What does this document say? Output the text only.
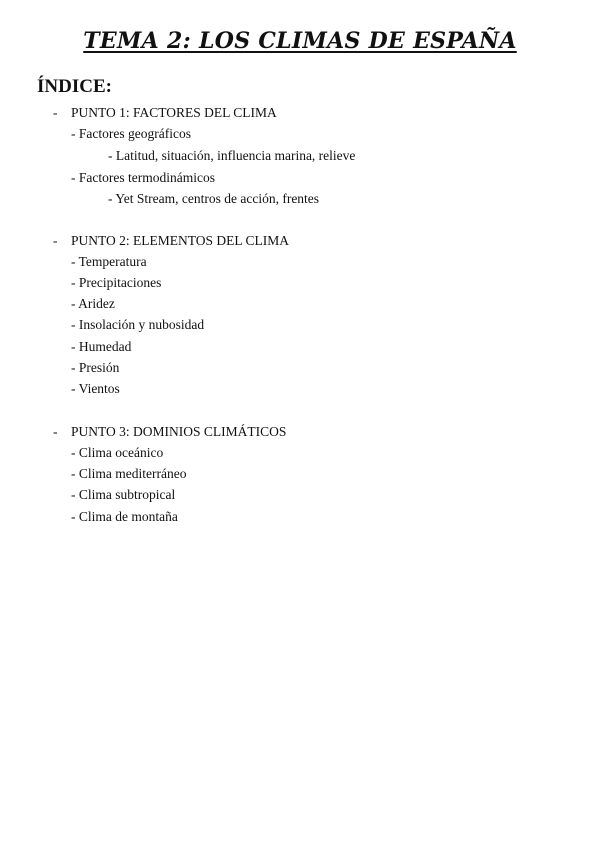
TEMA 2: LOS CLIMAS DE ESPAÑA
ÍNDICE:
- PUNTO 1: FACTORES DEL CLIMA
- Factores geográficos
- Latitud, situación, influencia marina, relieve
- Factores termodinámicos
- Yet Stream, centros de acción, frentes
- PUNTO 2: ELEMENTOS DEL CLIMA
- Temperatura
- Precipitaciones
- Aridez
- Insolación y nubosidad
- Humedad
- Presión
- Vientos
- PUNTO 3: DOMINIOS CLIMÁTICOS
- Clima oceánico
- Clima mediterráneo
- Clima subtropical
- Clima de montaña
